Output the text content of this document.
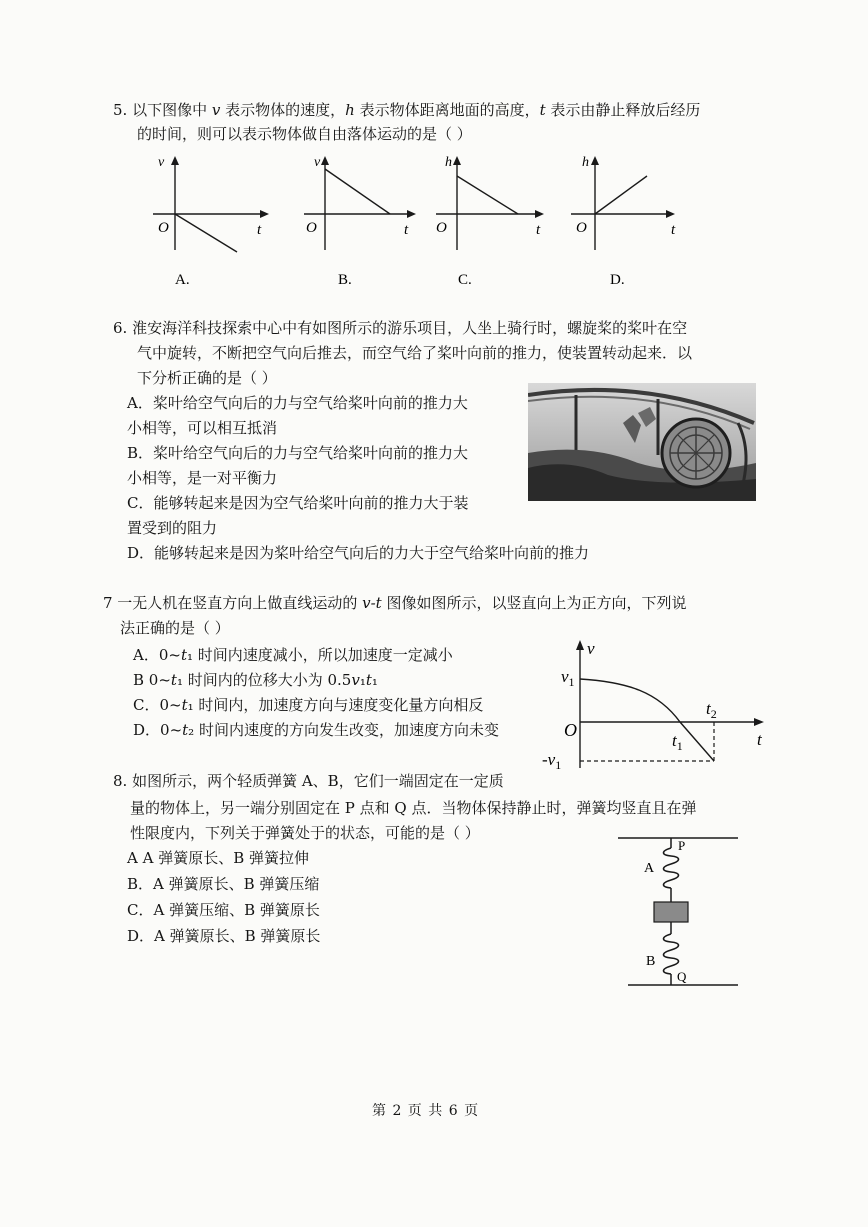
5. 以下图像中 v 表示物体的速度，h 表示物体距离地面的高度，t 表示由静止释放后经历
的时间，则可以表示物体做自由落体运动的是（ ）
v
O	t
A.
v
O	t
B.
h
O	t
C.
h
O	t
D.
6. 淮安海洋科技探索中心中有如图所示的游乐项目，人坐上骑行时，螺旋桨的桨叶在空
气中旋转，不断把空气向后推去，而空气给了桨叶向前的推力，使装置转动起来．以
下分析正确的是（ ）
A．桨叶给空气向后的力与空气给桨叶向前的推力大
小相等，可以相互抵消
B．桨叶给空气向后的力与空气给桨叶向前的推力大
小相等，是一对平衡力
C．能够转起来是因为空气给桨叶向前的推力大于装
置受到的阻力
D．能够转起来是因为桨叶给空气向后的力大于空气给桨叶向前的推力
7 一无人机在竖直方向上做直线运动的 v-t 图像如图所示，以竖直向上为正方向，下列说
法正确的是（ ）
A．0~t₁ 时间内速度减小，所以加速度一定减小
B 0~t₁ 时间内的位移大小为 0.5v₁t₁
C．0~t₁ 时间内，加速度方向与速度变化量方向相反
D．0~t₂ 时间内速度的方向发生改变，加速度方向未变
v
O	t
$v_1$
$-v_1$
$t_1$
$t_2$
8. 如图所示，两个轻质弹簧 A、B，它们一端固定在一定质
量的物体上，另一端分别固定在 P 点和 Q 点．当物体保持静止时，弹簧均竖直且在弹
性限度内，下列关于弹簧处于的状态，可能的是（ ）
A A 弹簧原长、B 弹簧拉伸
B．A 弹簧原长、B 弹簧压缩
C．A 弹簧压缩、B 弹簧原长
D．A 弹簧原长、B 弹簧原长
P
A
B
Q
第 2 页 共 6 页
